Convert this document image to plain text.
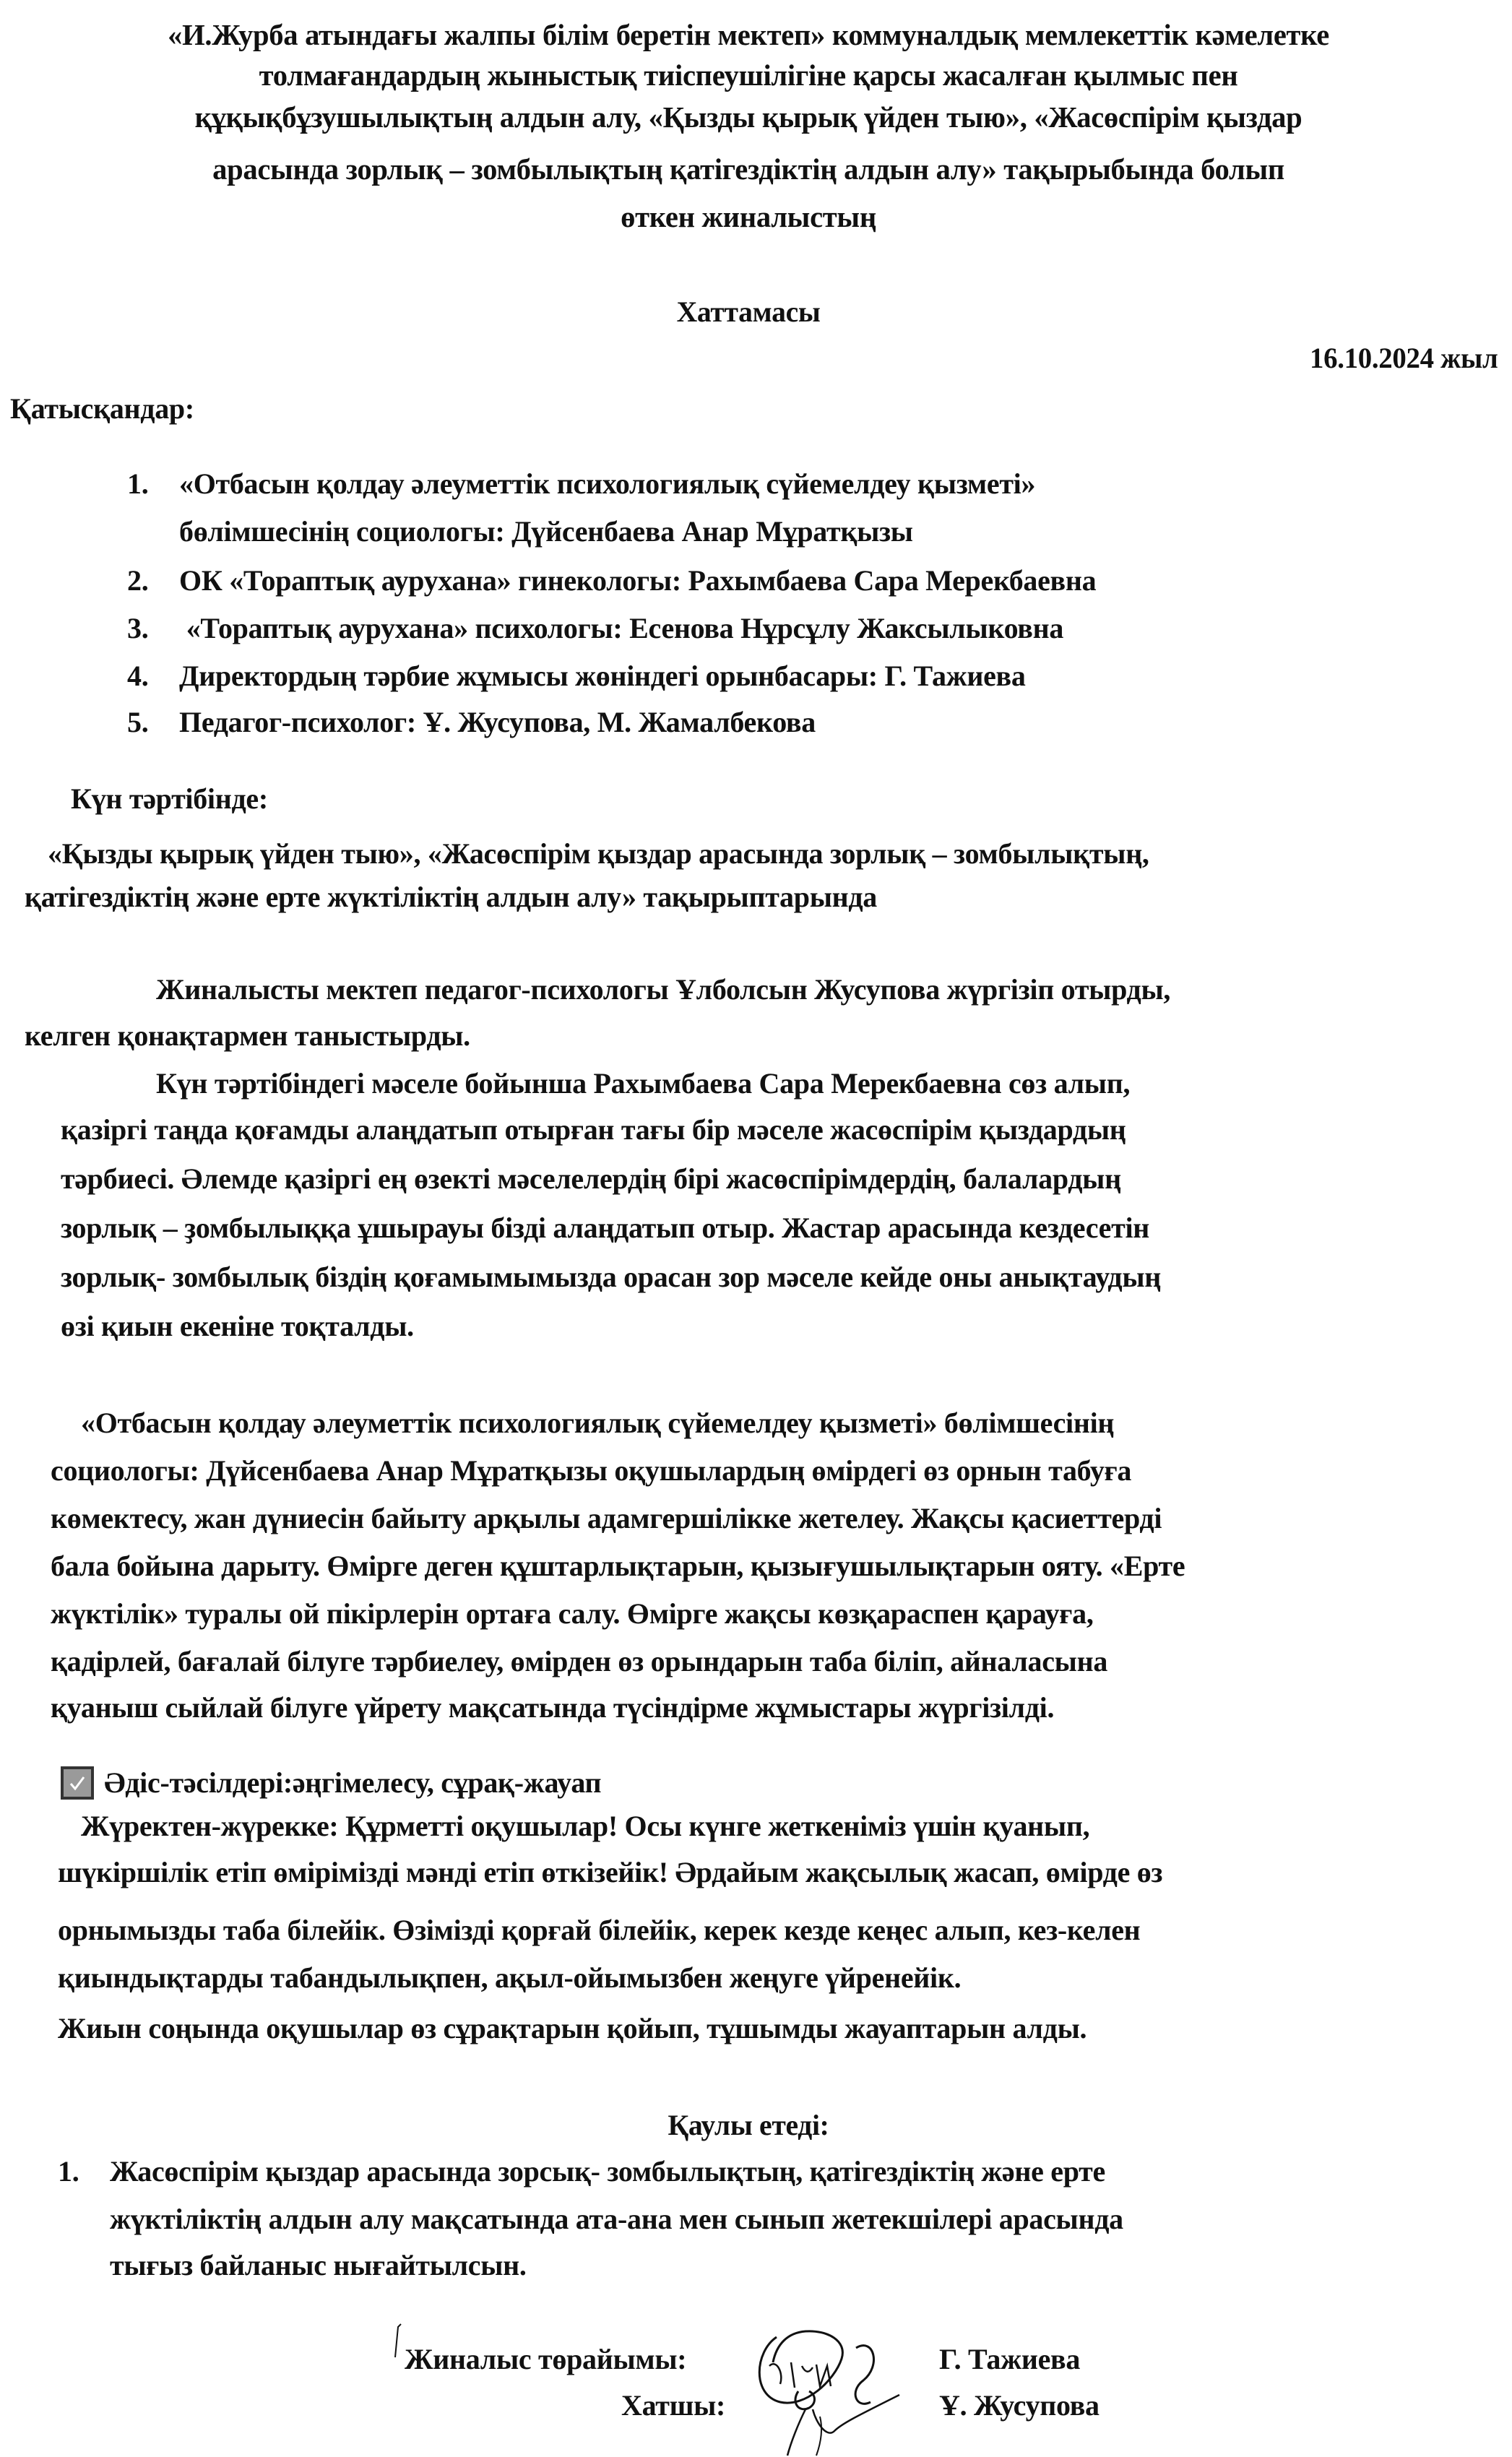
«И.Журба атындағы жалпы білім беретін мектеп» коммуналдық мемлекеттік кәмелетке
толмағандардың жыныстық тиіспеушілігіне қарсы жасалған қылмыс пен
құқықбұзушылықтың алдын алу, «Қызды қырық үйден тыю», «Жасөспірім қыздар
арасында зорлық – зомбылықтың қатігездіктің алдын алу» тақырыбында болып
өткен жиналыстың
Хаттамасы
16.10.2024 жыл
Қатысқандар:
1. «Отбасын қолдау әлеуметтік психологиялық сүйемелдеу қызметі»
бөлімшесінің социологы: Дүйсенбаева Анар Мұратқызы
2. ОК «Тораптық аурухана» гинекологы: Рахымбаева Сара Мерекбаевна
3. «Тораптық аурухана» психологы: Есенова Нұрсұлу Жаксылыковна
4. Директордың тәрбие жұмысы жөніндегі орынбасары: Г. Тажиева
5. Педагог-психолог: Ұ. Жусупова, М. Жамалбекова
Күн тәртібінде:
«Қызды қырық үйден тыю», «Жасөспірім қыздар арасында зорлық – зомбылықтың,
қатігездіктің және ерте жүктіліктің алдын алу» тақырыптарында
Жиналысты мектеп педагог-психологы Ұлболсын Жусупова жүргізіп отырды,
келген қонақтармен таныстырды.
Күн тәртібіндегі мәселе бойынша Рахымбаева Сара Мерекбаевна сөз алып,
қазіргі таңда қоғамды алаңдатып отырған тағы бір мәселе жасөспірім қыздардың
тәрбиесі. Әлемде қазіргі ең өзекті мәселелердің бірі жасөспірімдердің, балалардың
зорлық – ҙомбылыққа ұшырауы бізді алаңдатып отыр. Жастар арасында кездесетін
зорлық- зомбылық біздің қоғамымымызда орасан зор мәселе кейде оны анықтаудың
өзі қиын екеніне тоқталды.
«Отбасын қолдау әлеуметтік психологиялық сүйемелдеу қызметі» бөлімшесінің
социологы: Дүйсенбаева Анар Мұратқызы оқушылардың өмірдегі өз орнын табуға
көмектесу, жан дүниесін байыту арқылы адамгершілікке жетелеу. Жақсы қасиеттерді
бала бойына дарыту. Өмірге деген құштарлықтарын, қызығушылықтарын ояту. «Ерте
жүктілік» туралы ой пікірлерін ортаға салу. Өмірге жақсы көзқараспен қарауға,
қадірлей, бағалай білуге тәрбиелеу, өмірден өз орындарын таба біліп, айналасына
қуаныш сыйлай білуге үйрету мақсатында түсіндірме жұмыстары жүргізілді.
Әдіс-тәсілдері:әңгімелесу, сұрақ-жауап
Жүректен-жүрекке: Құрметті оқушылар! Осы күнге жеткеніміз үшін қуанып,
шүкіршілік етіп өмірімізді мәнді етіп өткізейік! Әрдайым жақсылық жасап, өмірде өз
орнымызды таба білейік. Өзімізді қорғай білейік, керек кезде кеңес алып, кез-келен
қиындықтарды табандылықпен, ақыл-ойымызбен жеңуге үйренейік.
Жиын соңында оқушылар өз сұрақтарын қойып, тұшымды жауаптарын алды.
Қаулы етеді:
1. Жасөспірім қыздар арасында зорсық- зомбылықтың, қатігездіктің және ерте
жүктіліктің алдын алу мақсатында ата-ана мен сынып жетекшілері арасында
тығыз байланыс нығайтылсын.
Жиналыс төрайымы:	Г. Тажиева
Хатшы:	Ұ. Жусупова
